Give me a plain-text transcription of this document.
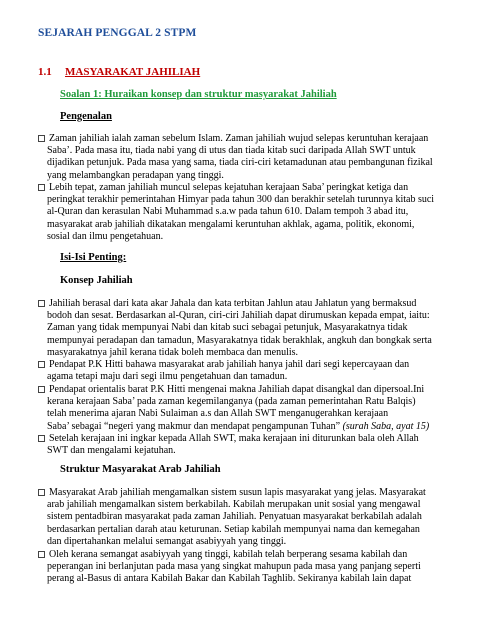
SEJARAH PENGGAL 2 STPM
1.1 MASYARAKAT JAHILIAH
Soalan 1: Huraikan konsep dan struktur masyarakat Jahiliah
Pengenalan
Zaman jahiliah ialah zaman sebelum Islam. Zaman jahiliah wujud selepas keruntuhan kerajaan
Saba’. Pada masa itu, tiada nabi yang di utus dan tiada kitab suci daripada Allah SWT untuk
dijadikan petunjuk. Pada masa yang sama, tiada ciri-ciri ketamadunan atau pembangunan fizikal
yang melambangkan peradapan yang tinggi.
Lebih tepat, zaman jahiliah muncul selepas kejatuhan kerajaan Saba’ peringkat ketiga dan
peringkat terakhir pemerintahan Himyar pada tahun 300 dan berakhir setelah turunnya kitab suci
al-Quran dan kerasulan Nabi Muhammad s.a.w pada tahun 610. Dalam tempoh 3 abad itu,
masyarakat arab jahiliah dikatakan mengalami keruntuhan akhlak, agama, politik, ekonomi,
sosial dan ilmu pengetahuan.
Isi-Isi Penting:
Konsep Jahiliah
Jahiliah berasal dari kata akar Jahala dan kata terbitan Jahlun atau Jahlatun yang bermaksud
bodoh dan sesat. Berdasarkan al-Quran, ciri-ciri Jahiliah dapat dirumuskan kepada empat, iaitu:
Zaman yang tidak mempunyai Nabi dan kitab suci sebagai petunjuk, Masyarakatnya tidak
mempunyai peradapan dan tamadun, Masyarakatnya tidak berakhlak, angkuh dan bongkak serta
masyarakatnya jahil kerana tidak boleh membaca dan menulis.
Pendapat P.K Hitti bahawa masyarakat arab jahiliah hanya jahil dari segi kepercayaan dan
agama tetapi maju dari segi ilmu pengetahuan dan tamadun.
Pendapat orientalis barat P.K Hitti mengenai makna Jahiliah dapat disangkal dan dipersoal.Ini
kerana kerajaan Saba’ pada zaman kegemilanganya (pada zaman pemerintahan Ratu Balqis)
telah menerima ajaran Nabi Sulaiman a.s dan Allah SWT menganugerahkan kerajaan
Saba’ sebagai “negeri yang makmur dan mendapat pengampunan Tuhan” (surah Saba, ayat 15)
Setelah kerajaan ini ingkar kepada Allah SWT, maka kerajaan ini diturunkan bala oleh Allah
SWT dan mengalami kejatuhan.
Struktur Masyarakat Arab Jahiliah
Masyarakat Arab jahiliah mengamalkan sistem susun lapis masyarakat yang jelas. Masyarakat
arab jahiliah mengamalkan sistem berkabilah. Kabilah merupakan unit sosial yang mengawal
sistem pentadbiran masyarakat pada zaman Jahiliah. Penyatuan masyarakat berkabilah adalah
berdasarkan pertalian darah atau keturunan. Setiap kabilah mempunyai nama dan kemegahan
dan dipertahankan melalui semangat asabiyyah yang tinggi.
Oleh kerana semangat asabiyyah yang tinggi, kabilah telah berperang sesama kabilah dan
peperangan ini berlanjutan pada masa yang singkat mahupun pada masa yang panjang seperti
perang al-Basus di antara Kabilah Bakar dan Kabilah Taghlib. Sekiranya kabilah lain dapat
